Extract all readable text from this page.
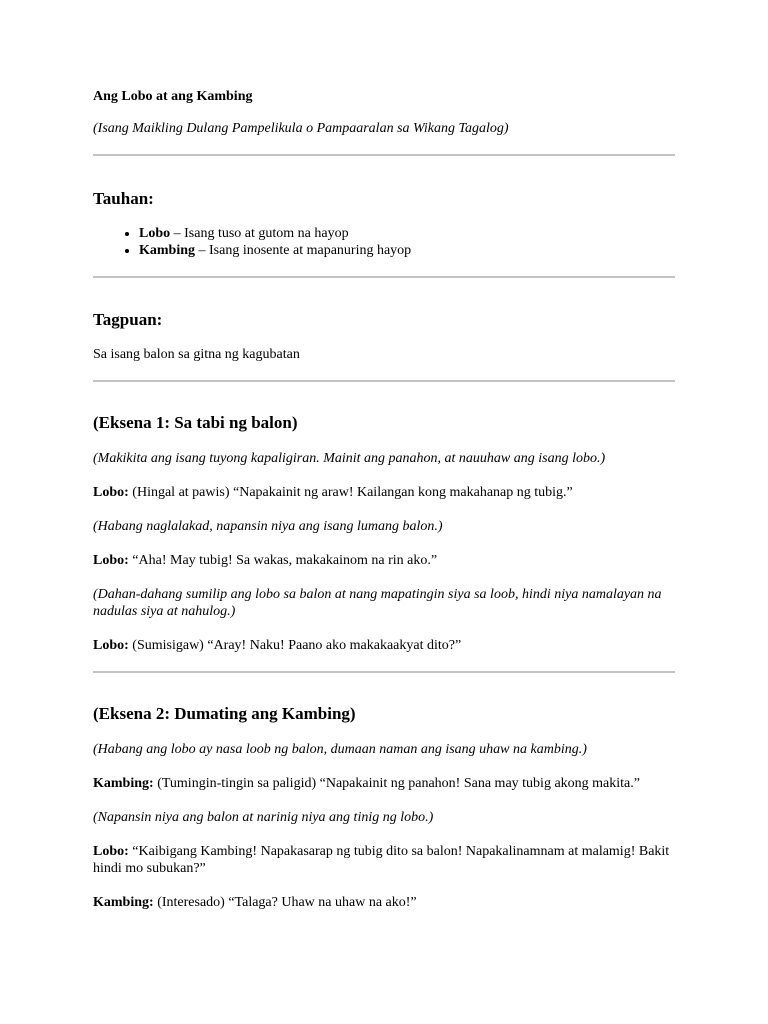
Ang Lobo at ang Kambing

(Isang Maikling Dulang Pampelikula o Pampaaralan sa Wikang Tagalog)

Tauhan:
• Lobo – Isang tuso at gutom na hayop
• Kambing – Isang inosente at mapanuring hayop
Tagpuan:

Sa isang balon sa gitna ng kagubatan

(Eksena 1: Sa tabi ng balon)

(Makikita ang isang tuyong kapaligiran. Mainit ang panahon, at nauuhaw ang isang lobo.)

Lobo: (Hingal at pawis) “Napakainit ng araw! Kailangan kong makahanap ng tubig.”

(Habang naglalakad, napansin niya ang isang lumang balon.)

Lobo: “Aha! May tubig! Sa wakas, makakainom na rin ako.”

(Dahan-dahang sumilip ang lobo sa balon at nang mapatingin siya sa loob, hindi niya namalayan na nadulas siya at nahulog.)

Lobo: (Sumisigaw) “Aray! Naku! Paano ako makakaakyat dito?”

(Eksena 2: Dumating ang Kambing)

(Habang ang lobo ay nasa loob ng balon, dumaan naman ang isang uhaw na kambing.)

Kambing: (Tumingin-tingin sa paligid) “Napakainit ng panahon! Sana may tubig akong makita.”

(Napansin niya ang balon at narinig niya ang tinig ng lobo.)

Lobo: “Kaibigang Kambing! Napakasarap ng tubig dito sa balon! Napakalinamnam at malamig! Bakit hindi mo subukan?”

Kambing: (Interesado) “Talaga? Uhaw na uhaw na ako!”
